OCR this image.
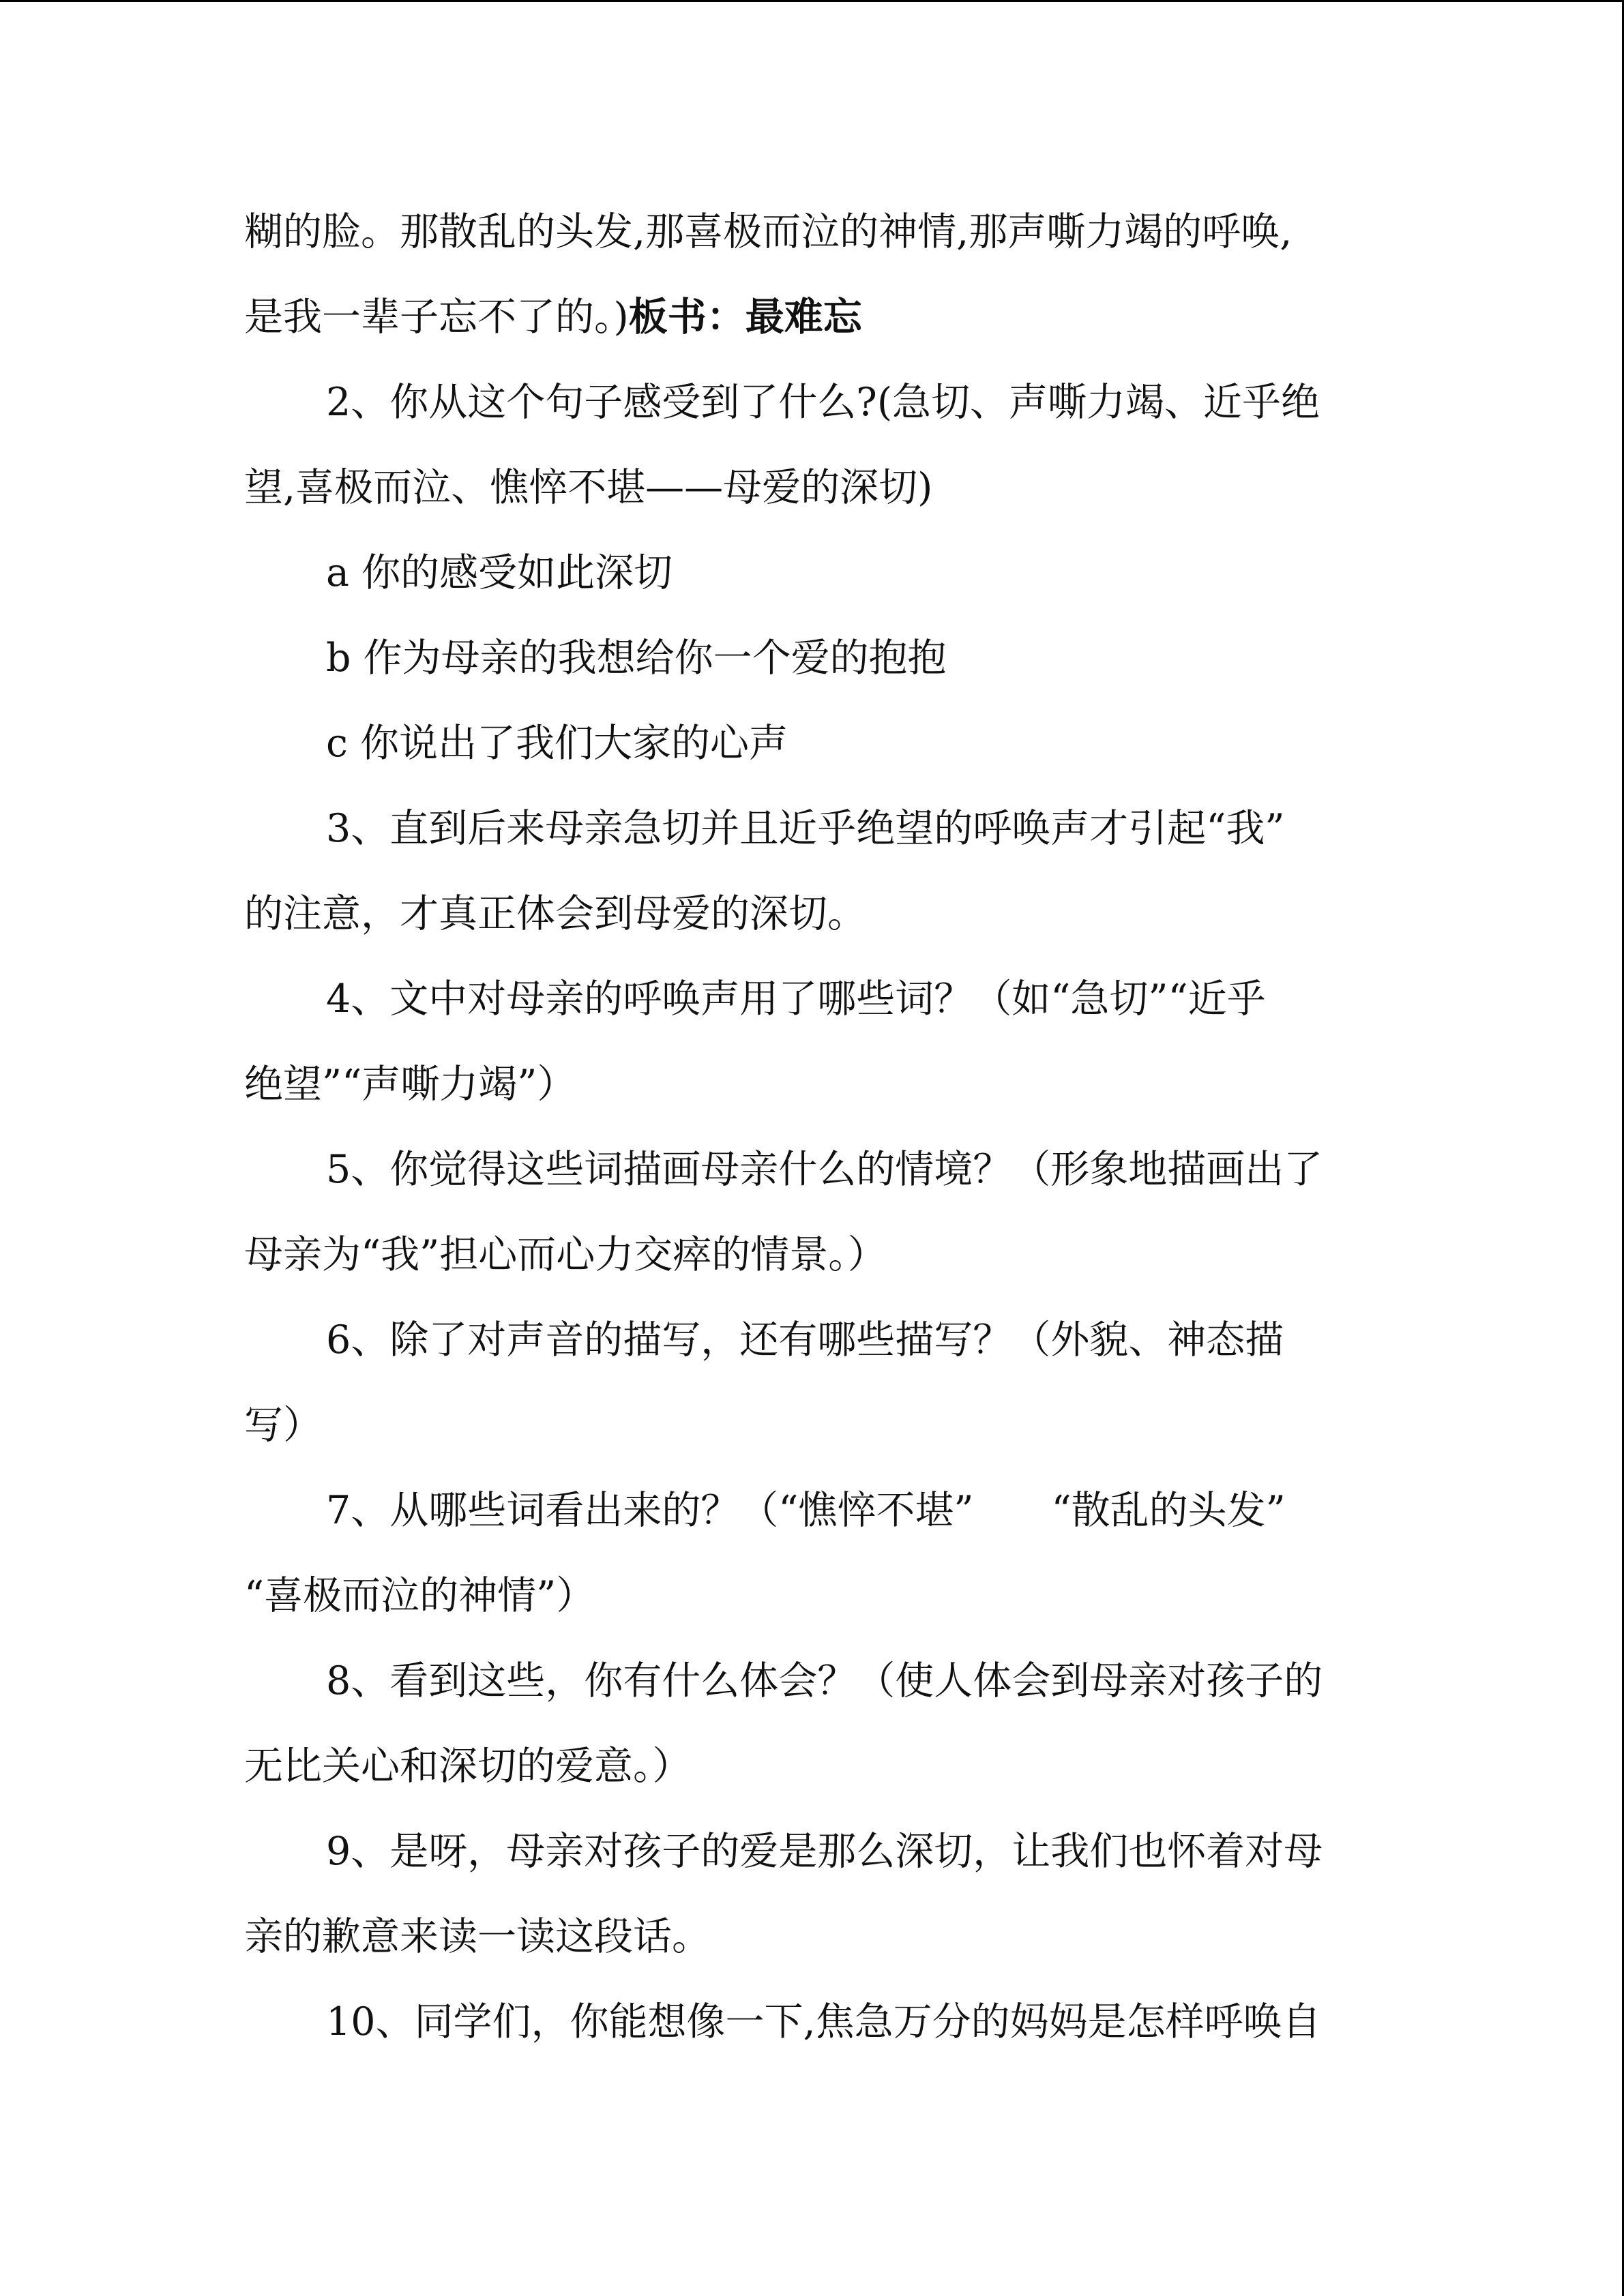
糊的脸。那散乱的头发,那喜极而泣的神情,那声嘶力竭的呼唤,
是我一辈子忘不了的。)板书：最难忘
2、你从这个句子感受到了什么?(急切、声嘶力竭、近乎绝
望,喜极而泣、憔悴不堪——母爱的深切)
a 你的感受如此深切
b 作为母亲的我想给你一个爱的抱抱
c 你说出了我们大家的心声
3、直到后来母亲急切并且近乎绝望的呼唤声才引起“我”
的注意，才真正体会到母爱的深切。
4、文中对母亲的呼唤声用了哪些词？（如“急切”“近乎
绝望”“声嘶力竭”）
5、你觉得这些词描画母亲什么的情境？（形象地描画出了
母亲为“我”担心而心力交瘁的情景。）
6、除了对声音的描写，还有哪些描写？（外貌、神态描
写）
7、从哪些词看出来的？（“憔悴不堪”　　“散乱的头发”
“喜极而泣的神情”）
8、看到这些，你有什么体会？（使人体会到母亲对孩子的
无比关心和深切的爱意。）
9、是呀，母亲对孩子的爱是那么深切，让我们也怀着对母
亲的歉意来读一读这段话。
10、同学们，你能想像一下,焦急万分的妈妈是怎样呼唤自
